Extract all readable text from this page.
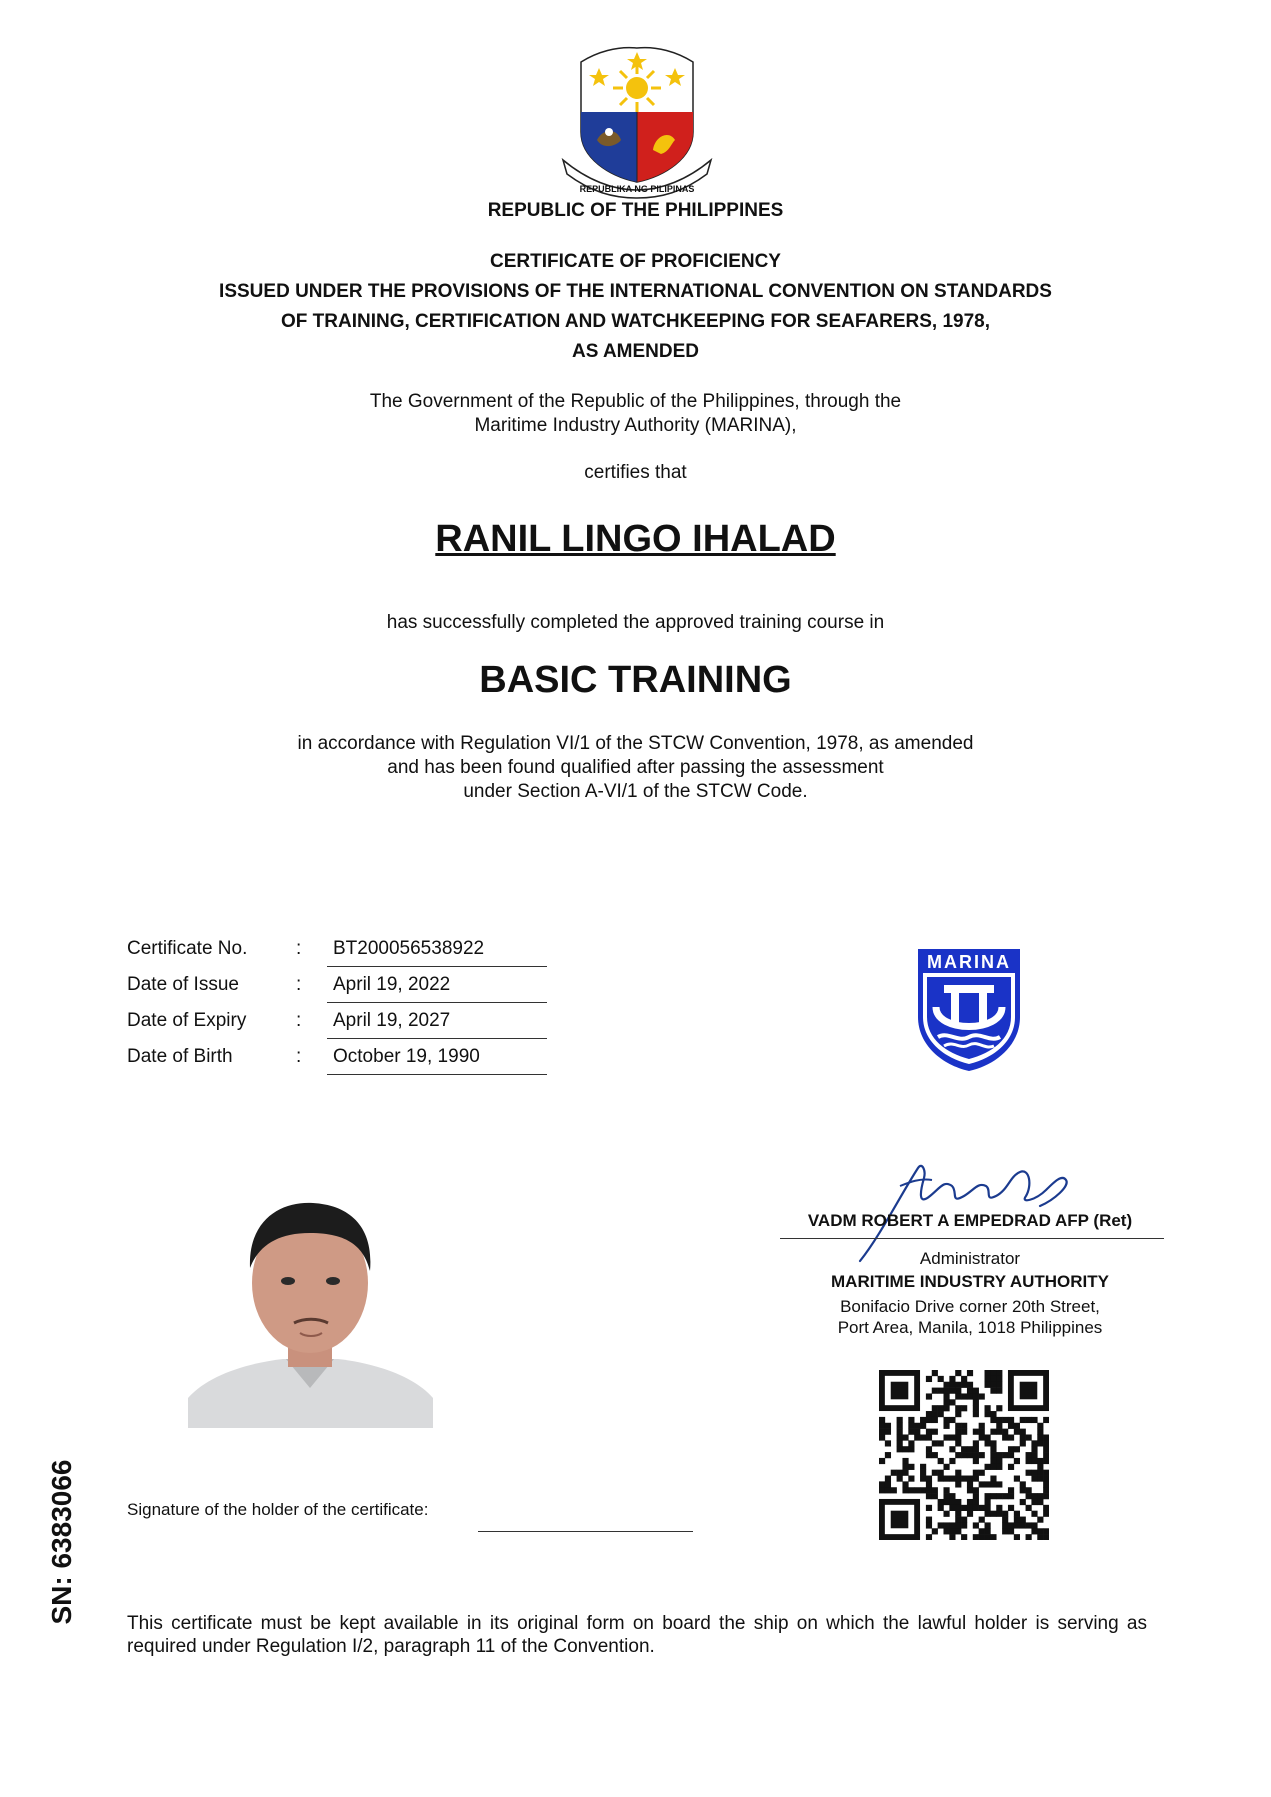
REPUBLIKA NG PILIPINAS
REPUBLIC OF THE PHILIPPINES
CERTIFICATE OF PROFICIENCY
ISSUED UNDER THE PROVISIONS OF THE INTERNATIONAL CONVENTION ON STANDARDS
OF TRAINING, CERTIFICATION AND WATCHKEEPING FOR SEAFARERS, 1978,
AS AMENDED
The Government of the Republic of the Philippines, through the
Maritime Industry Authority (MARINA),
certifies that
RANIL LINGO IHALAD
has successfully completed the approved training course in
BASIC TRAINING
in accordance with Regulation VI/1 of the STCW Convention, 1978, as amended
and has been found qualified after passing the assessment
under Section A-VI/1 of the STCW Code.
Certificate No.	:	BT200056538922
Date of Issue	:	April 19, 2022
Date of Expiry	:	April 19, 2027
Date of Birth	:	October 19, 1990
MARINA
VADM ROBERT A EMPEDRAD AFP (Ret)
Administrator
MARITIME INDUSTRY AUTHORITY
Bonifacio Drive corner 20th Street,
Port Area, Manila, 1018 Philippines
Signature of the holder of the certificate:
SN: 6383066	This certificate must be kept available in its original form on board the ship on which the lawful holder is serving as required under Regulation I/2, paragraph 11 of the Convention.
